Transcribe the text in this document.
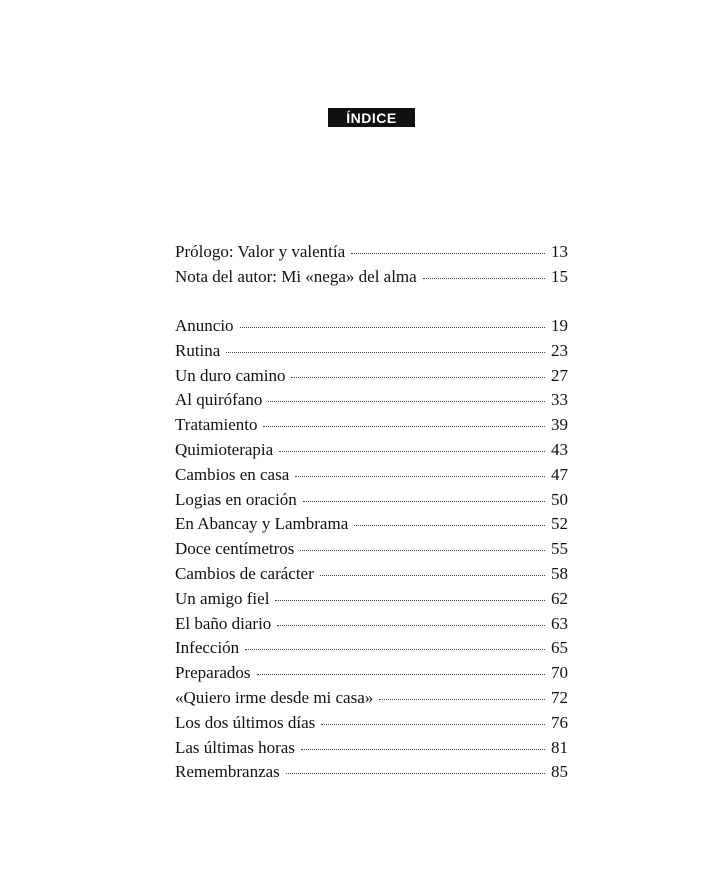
ÍNDICE
Prólogo: Valor y valentía	13
Nota del autor: Mi «nega» del alma	15
Anuncio	19
Rutina	23
Un duro camino	27
Al quirófano	33
Tratamiento	39
Quimioterapia	43
Cambios en casa	47
Logias en oración	50
En Abancay y Lambrama	52
Doce centímetros	55
Cambios de carácter	58
Un amigo fiel	62
El baño diario	63
Infección	65
Preparados	70
«Quiero irme desde mi casa»	72
Los dos últimos días	76
Las últimas horas	81
Remembranzas	85
